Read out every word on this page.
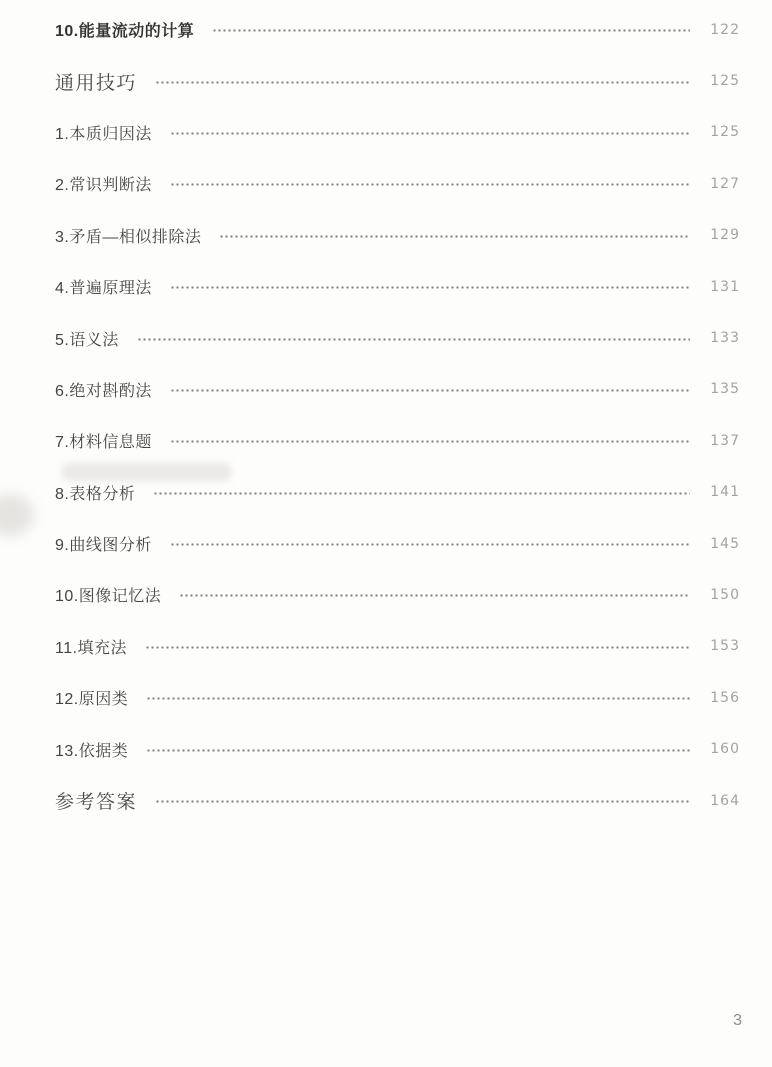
10.能量流动的计算	122
通用技巧	125
1.本质归因法	125
2.常识判断法	127
3.矛盾—相似排除法	129
4.普遍原理法	131
5.语义法	133
6.绝对斟酌法	135
7.材料信息题	137
8.表格分析	141
9.曲线图分析	145
10.图像记忆法	150
11.填充法	153
12.原因类	156
13.依据类	160
参考答案	164
3
